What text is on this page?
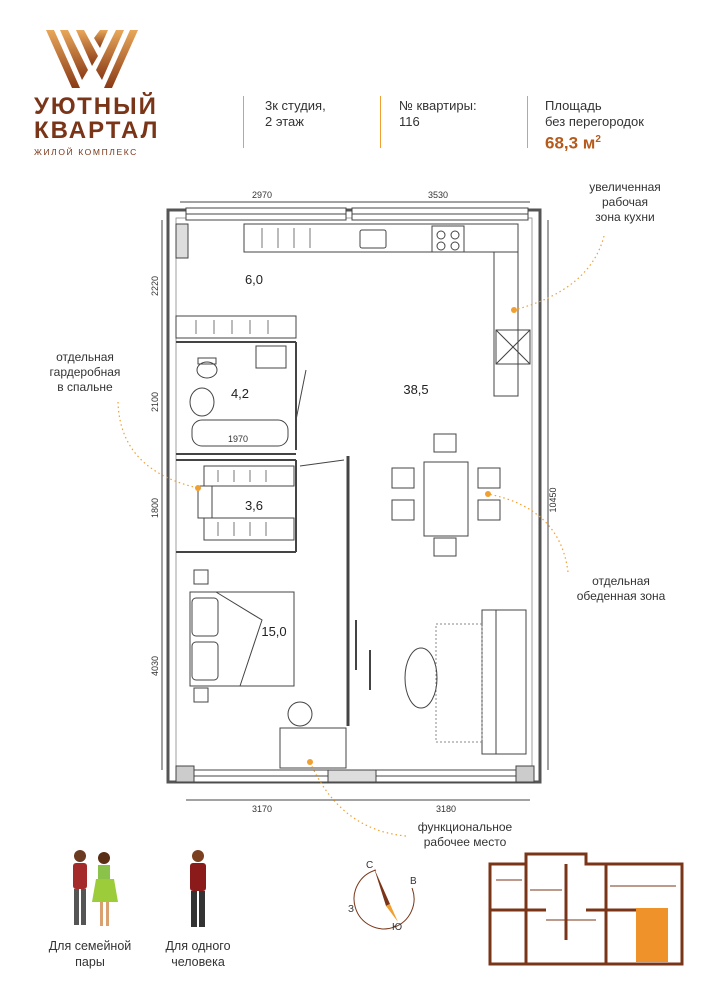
УЮТНЫЙ
КВАРТАЛ
ЖИЛОЙ КОМПЛЕКС
3к студия,
2 этаж
№ квартиры:
116
Площадь
без перегородок
68,3 $м^2$
2970	3530
3170	3180
1970
2220
2100
1800
4030
10450
6,0
4,2
3,6
38,5
15,0
увеличенная
рабочая
зона кухни
отдельная
гардеробная
в спальне
отдельная
обеденная зона
функциональное
рабочее место
Для семейной
пары
Для одного
человека
С
В
Ю
З
